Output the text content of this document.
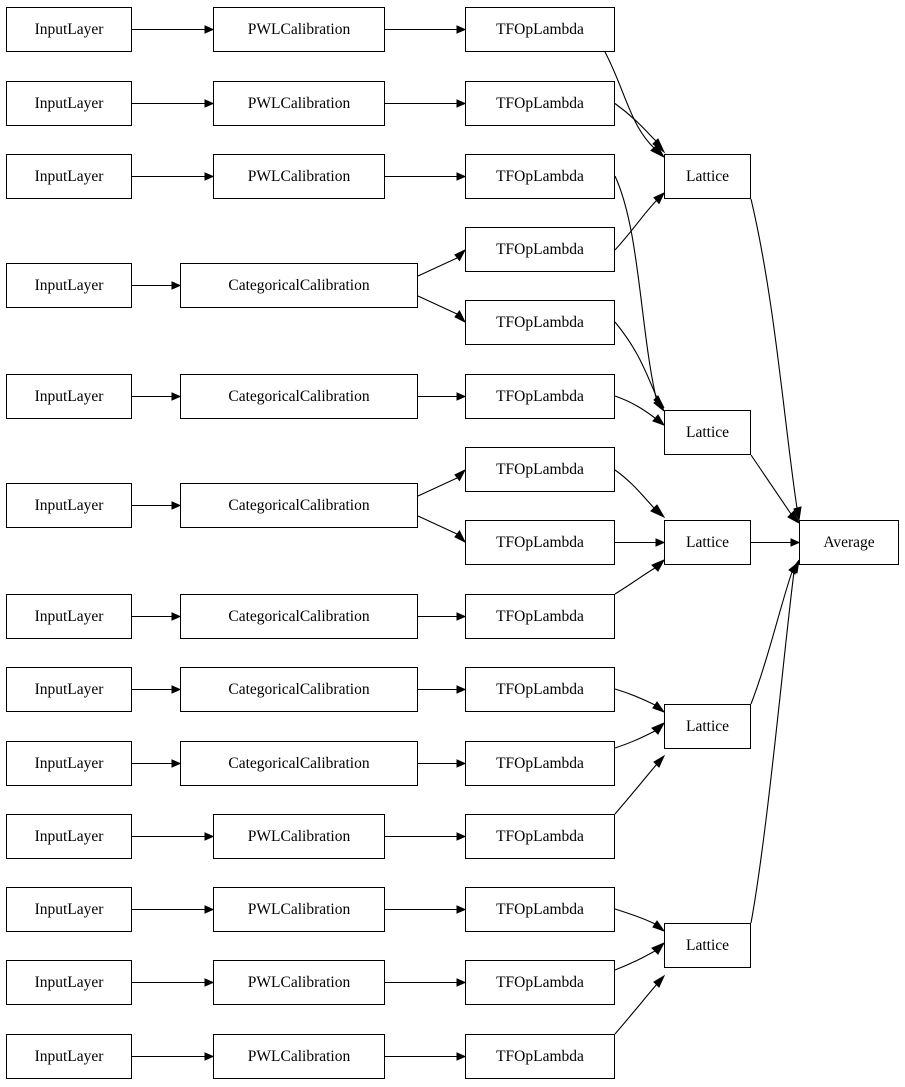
InputLayer
InputLayer
InputLayer
InputLayer
InputLayer
InputLayer
InputLayer
InputLayer
InputLayer
InputLayer
InputLayer
InputLayer
InputLayer
PWLCalibration
PWLCalibration
PWLCalibration
CategoricalCalibration
CategoricalCalibration
CategoricalCalibration
CategoricalCalibration
CategoricalCalibration
CategoricalCalibration
PWLCalibration
PWLCalibration
PWLCalibration
PWLCalibration
TFOpLambda
TFOpLambda
TFOpLambda
TFOpLambda
TFOpLambda
TFOpLambda
TFOpLambda
TFOpLambda
TFOpLambda
TFOpLambda
TFOpLambda
TFOpLambda
TFOpLambda
TFOpLambda
TFOpLambda
Lattice
Lattice
Lattice
Lattice
Lattice
Average
